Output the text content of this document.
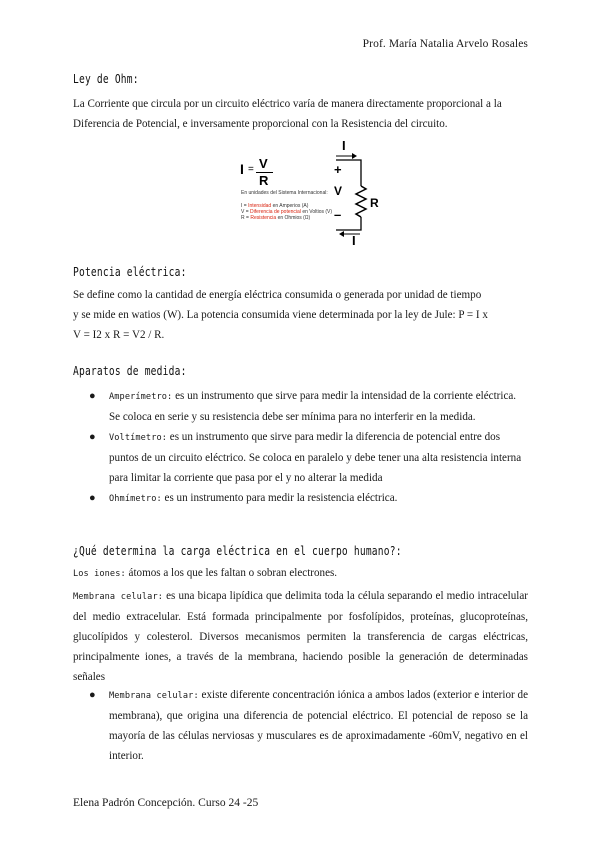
Prof. María Natalia Arvelo Rosales
Ley de Ohm:

La Corriente que circula por un circuito eléctrico varía de manera directamente proporcional a la Diferencia de Potencial, e inversamente proporcional con la Resistencia del circuito.

I = V
R
En unidades del Sistema Internacional:
I = Intensidad en Amperios (A)
V = Diferencia de potencial en Voltios (V)
R = Resistencia en Ohmios (Ω)
I
R
+
V
–
I
Potencia eléctrica:
Se define como la cantidad de energía eléctrica consumida o generada por unidad de tiempo
y se mide en watios (W). La potencia consumida viene determinada por la ley de Jule: P = I x
V = I2 x R = V2 / R.
Aparatos de medida:
● Amperímetro: es un instrumento que sirve para medir la intensidad de la corriente eléctrica. Se coloca en serie y su resistencia debe ser mínima para no interferir en la medida.
● Voltímetro: es un instrumento que sirve para medir la diferencia de potencial entre dos puntos de un circuito eléctrico. Se coloca en paralelo y debe tener una alta resistencia interna para limitar la corriente que pasa por el y no alterar la medida
● Ohmímetro: es un instrumento para medir la resistencia eléctrica.
¿Qué determina la carga eléctrica en el cuerpo humano?:
Los iones: átomos a los que les faltan o sobran electrones.

Membrana celular: es una bicapa lipídica que delimita toda la célula separando el medio intracelular del medio extracelular. Está formada principalmente por fosfolípidos, proteínas, glucoproteínas, glucolípidos y colesterol. Diversos mecanismos permiten la transferencia de cargas eléctricas, principalmente iones, a través de la membrana, haciendo posible la generación de determinadas señales

● Membrana celular: existe diferente concentración iónica a ambos lados (exterior e interior de membrana), que origina una diferencia de potencial eléctrico. El potencial de reposo se la mayoría de las células nerviosas y musculares es de aproximadamente -60mV, negativo en el interior.
Elena Padrón Concepción. Curso 24 -25
